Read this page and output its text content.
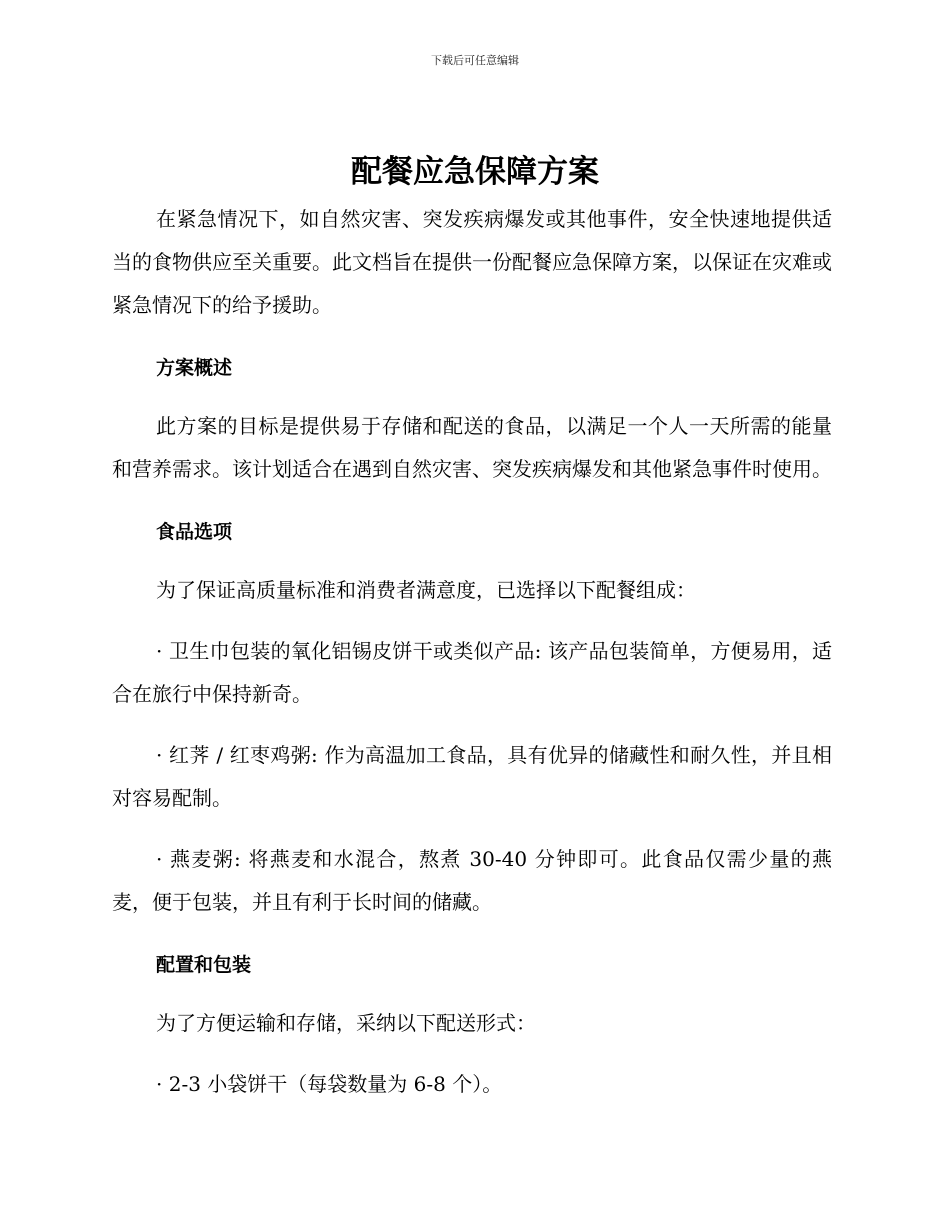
下载后可任意编辑
配餐应急保障方案

在紧急情况下，如自然灾害、突发疾病爆发或其他事件，安全快速地提供适当的食物供应至关重要。此文档旨在提供一份配餐应急保障方案，以保证在灾难或紧急情况下的给予援助。

方案概述

此方案的目标是提供易于存储和配送的食品，以满足一个人一天所需的能量和营养需求。该计划适合在遇到自然灾害、突发疾病爆发和其他紧急事件时使用。

食品选项

为了保证高质量标准和消费者满意度，已选择以下配餐组成：

· 卫生巾包装的氧化铝锡皮饼干或类似产品: 该产品包装简单，方便易用，适合在旅行中保持新奇。

· 红荠 / 红枣鸡粥: 作为高温加工食品，具有优异的储藏性和耐久性，并且相对容易配制。

· 燕麦粥: 将燕麦和水混合，熬煮 30-40 分钟即可。此食品仅需少量的燕麦，便于包装，并且有利于长时间的储藏。

配置和包装

为了方便运输和存储，采纳以下配送形式：

· 2-3 小袋饼干（每袋数量为 6-8 个）。
